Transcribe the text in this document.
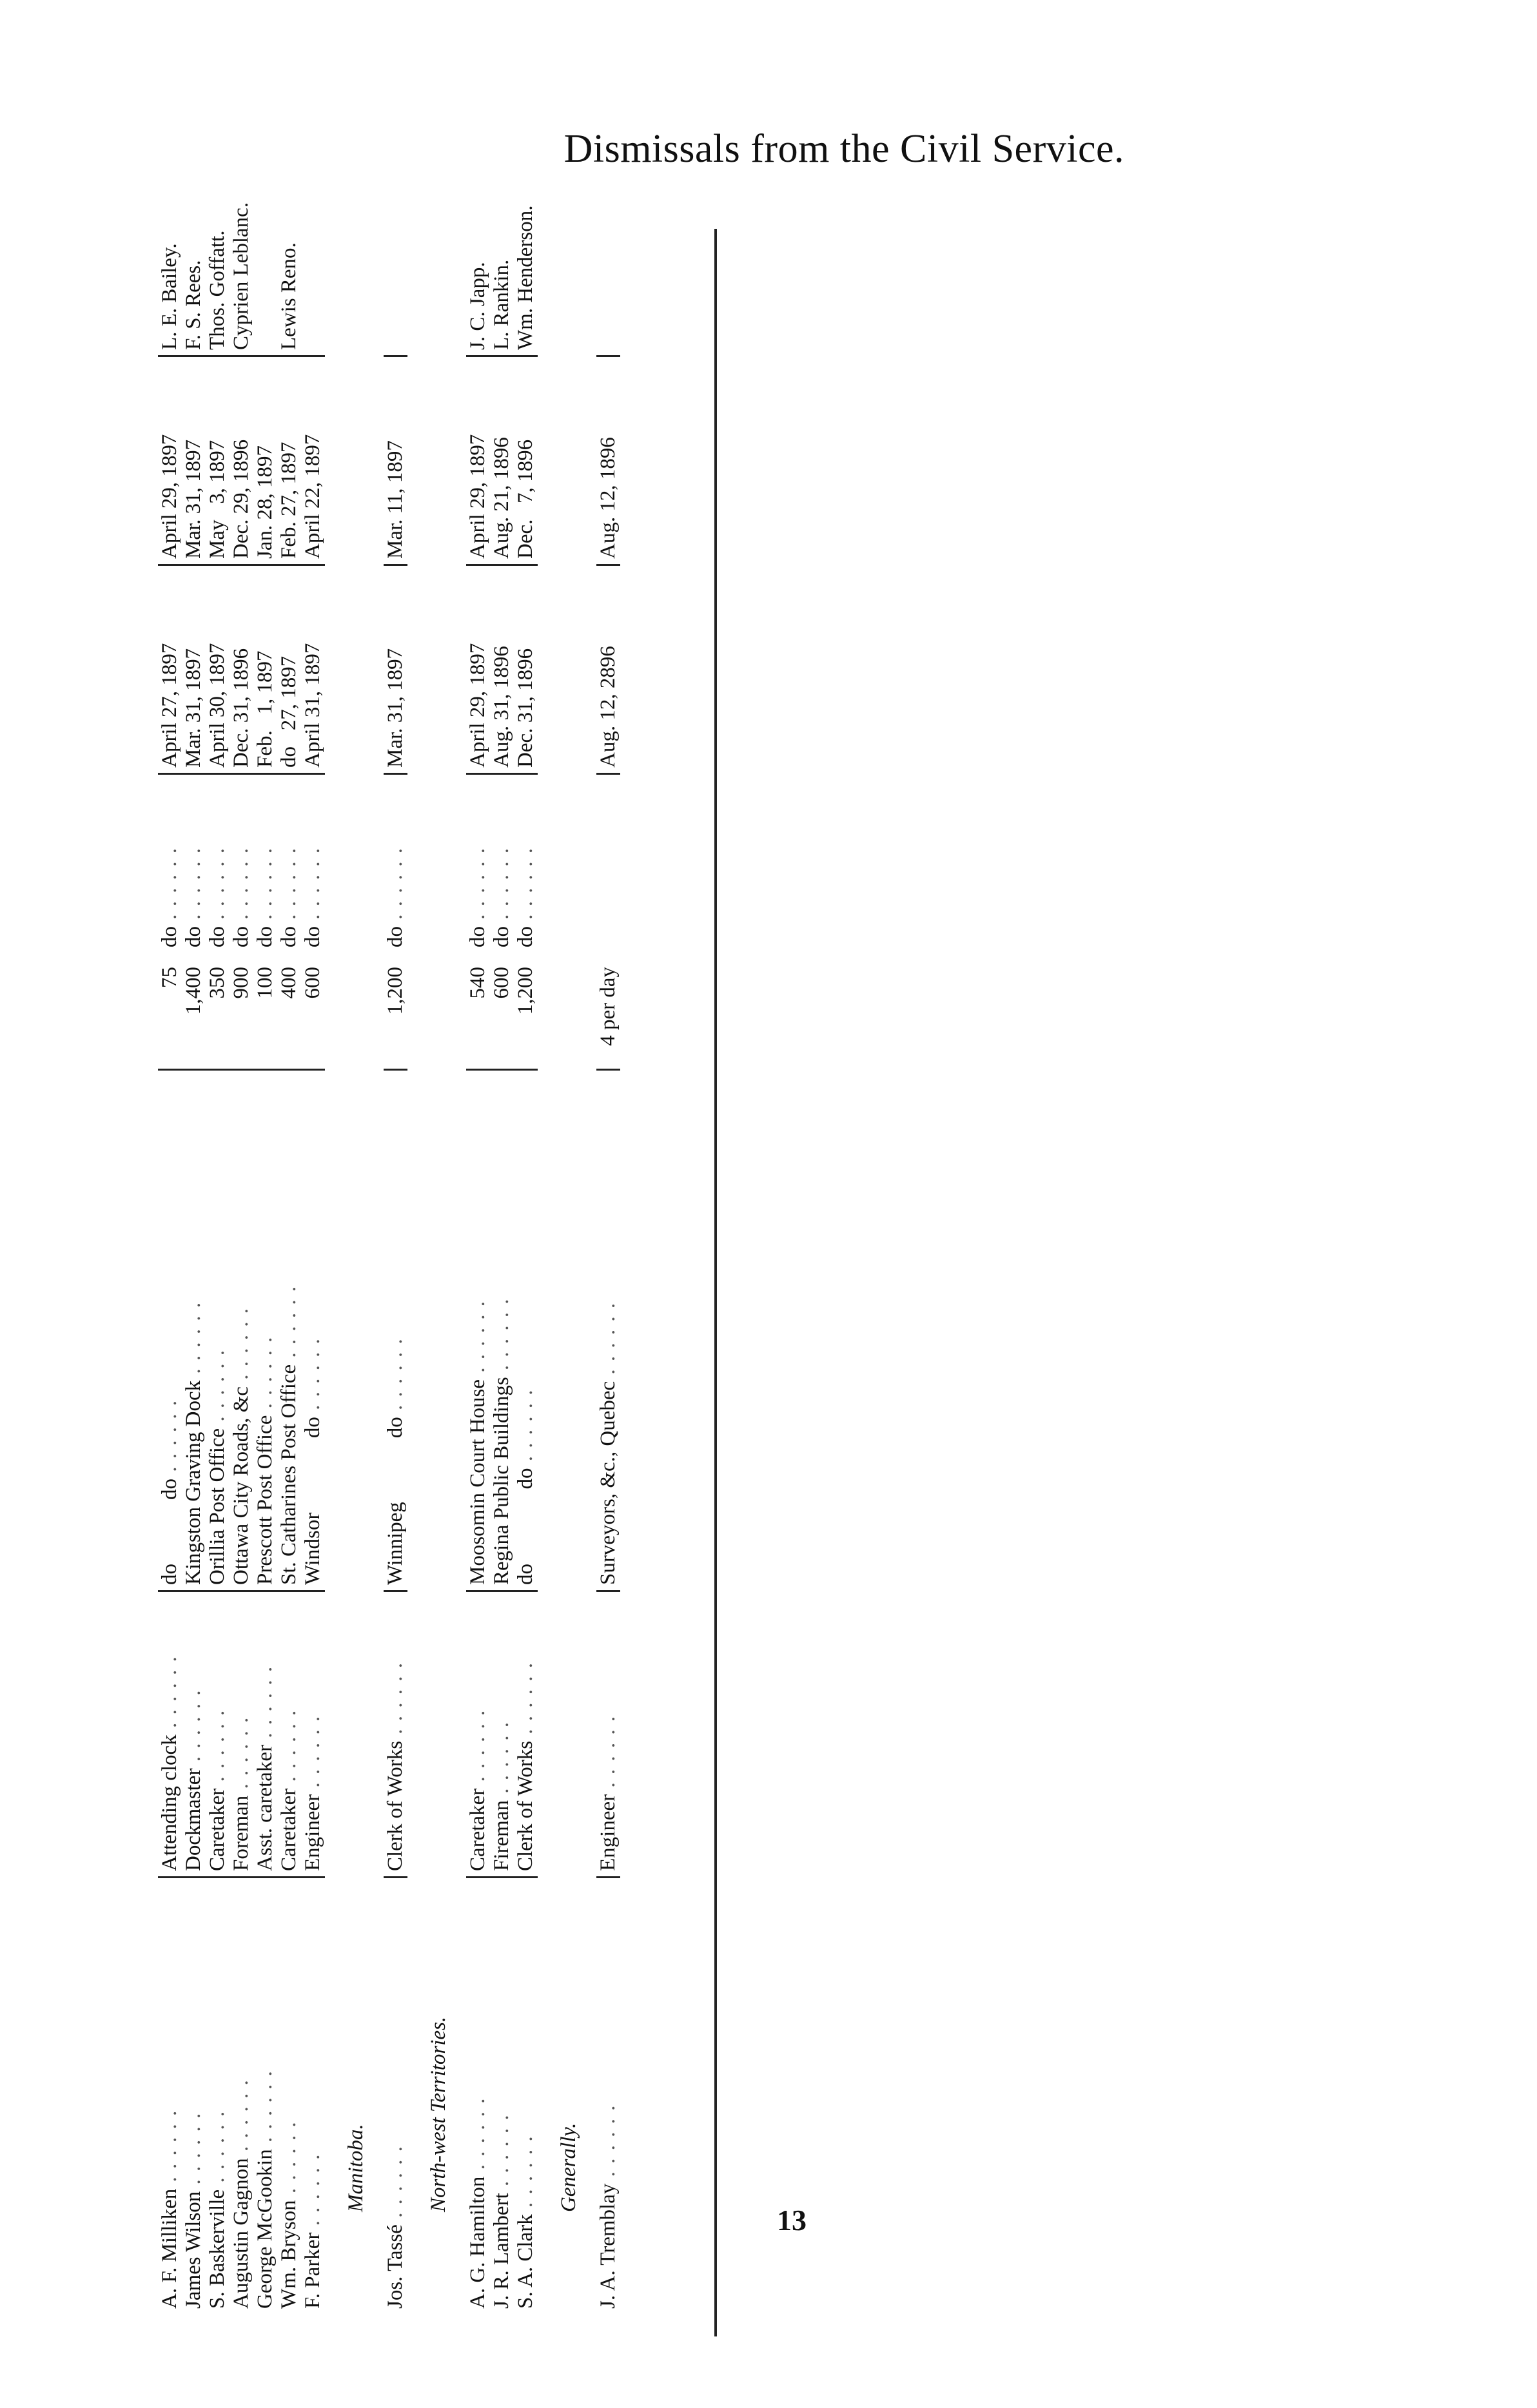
Dismissals from the Civil Service.
A. F. Milliken . . . . . .	Attending clock . . . . . .	do            do . . . . . .	75	do . . . . . .	April 27, 1897	April 29, 1897	L. E. Bailey.
James Wilson . . . . . .	Dockmaster . . . . . .	Kingston Graving Dock . . . . . .	1,400	do . . . . . .	Mar. 31, 1897	Mar. 31, 1897	F. S. Rees.
S. Baskerville . . . . . .	Caretaker . . . . . .	Orillia Post Office . . . . . .	350	do . . . . . .	April 30, 1897	May   3, 1897	Thos. Goffatt.
Augustin Gagnon . . . . . .	Foreman . . . . . .	Ottawa City Roads, &c . . . . . .	900	do . . . . . .	Dec. 31, 1896	Dec. 29, 1896	Cyprien Leblanc.
George McGookin . . . . . .	Asst. caretaker . . . . . .	Prescott Post Office . . . . . .	100	do . . . . . .	Feb.   1, 1897	Jan. 28, 1897	
Wm. Bryson . . . . . .	Caretaker . . . . . .	St. Catharines Post Office . . . . . .	400	do . . . . . .	do   27, 1897	Feb. 27, 1897	Lewis Reno.
F. Parker . . . . . .	Engineer . . . . . .	Windsor              do . . . . . .	600	do . . . . . .	April 31, 1897	April 22, 1897	
Manitoba.							
Jos. Tassé . . . . . .	Clerk of Works . . . . . .	Winnipeg            do . . . . . .	1,200	do . . . . . .	Mar. 31, 1897	Mar. 11, 1897	
North-west Territories.							
A. G. Hamilton . . . . . .	Caretaker . . . . . .	Moosomin Court House . . . . . .	540	do . . . . . .	April 29, 1897	April 29, 1897	J. C. Japp.
J. R. Lambert . . . . . .	Fireman . . . . . .	Regina Public Buildings . . . . . .	600	do . . . . . .	Aug. 31, 1896	Aug. 21, 1896	L. Rankin.
S. A. Clark . . . . . .	Clerk of Works . . . . . .	do              do . . . . . .	1,200	do . . . . . .	Dec. 31, 1896	Dec.   7, 1896	Wm. Henderson.
Generally.							
J. A. Tremblay . . . . . .	Engineer . . . . . .	Surveyors, &c., Quebec . . . . . .	4 per day		Aug. 12, 2896	Aug. 12, 1896	
13
